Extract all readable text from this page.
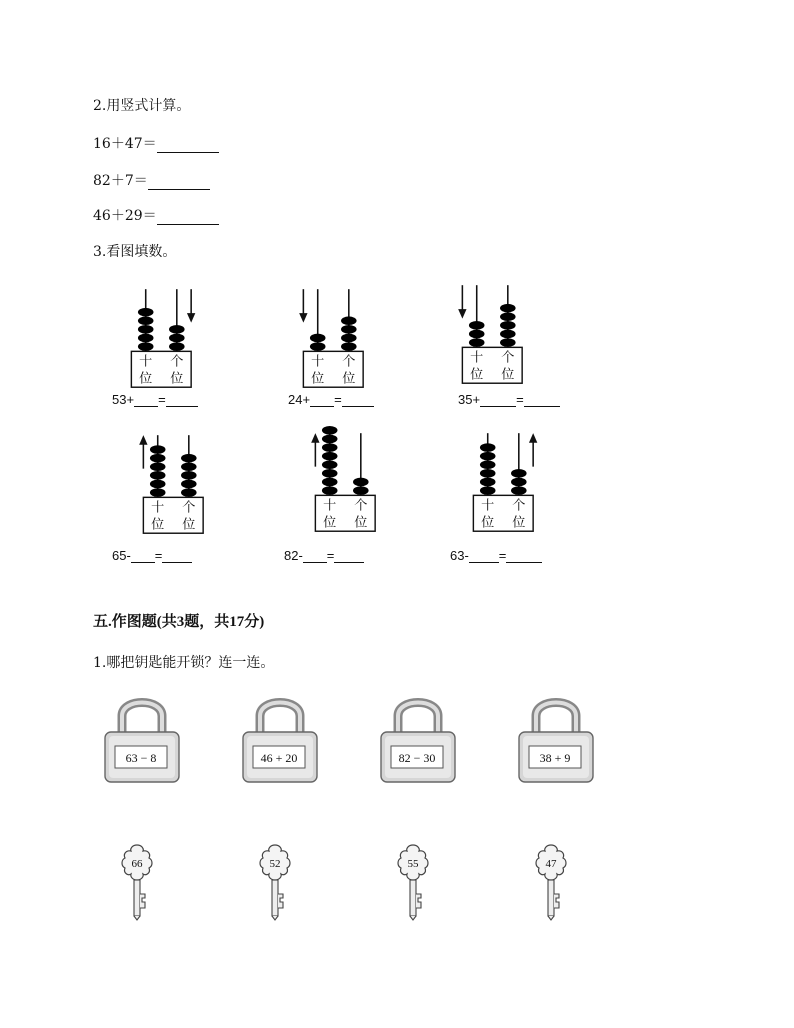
2.用竖式计算。
16＋47＝
82＋7＝
46＋29＝
3.看图填数。
十
位
个
位
十
位
个
位
十
位
个
位
十
位
个
位
十
位
个
位
十
位
个
位
53+ =	24+ =	35+	=
65- =	82- =	63- =
五.作图题(共3题，共17分)
1.哪把钥匙能开锁？连一连。
63 − 8	46 + 20	82 − 30	38 + 9
66	52	55	47
